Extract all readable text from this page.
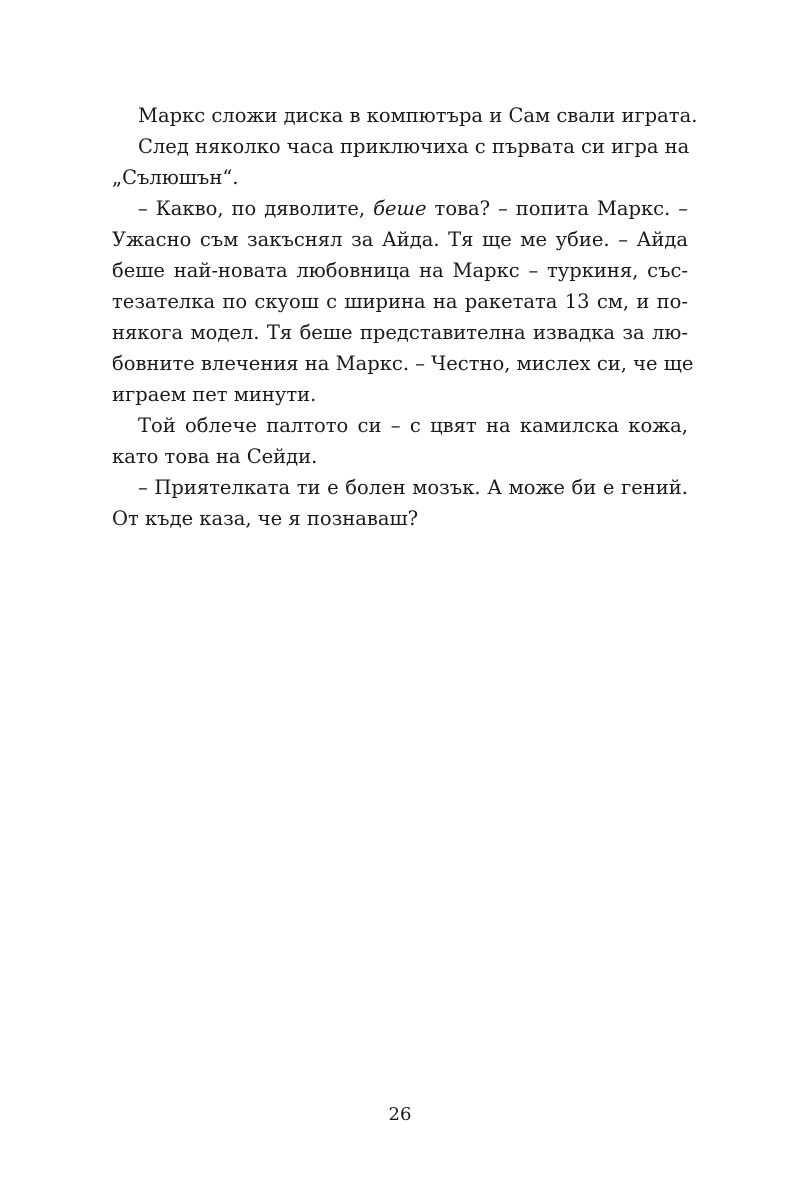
Маркс сложи диска в компютъра и Сам свали играта.
След няколко часа приключиха с първата си игра на
„Сълюшън“.
– Какво, по дяволите, беше това? – попита Маркс. –
Ужасно съм закъснял за Айда. Тя ще ме убие. – Айда
беше най-новата любовница на Маркс – туркиня, със-
тезателка по скуош с ширина на ракетата 13 см, и по-
някога модел. Тя беше представителна извадка за лю-
бовните влечения на Маркс. – Честно, мислех си, че ще
играем пет минути.
Той облече палтото си – с цвят на камилска кожа,
като това на Сейди.
– Приятелката ти е болен мозък. А може би е гений.
От къде каза, че я познаваш?
26
